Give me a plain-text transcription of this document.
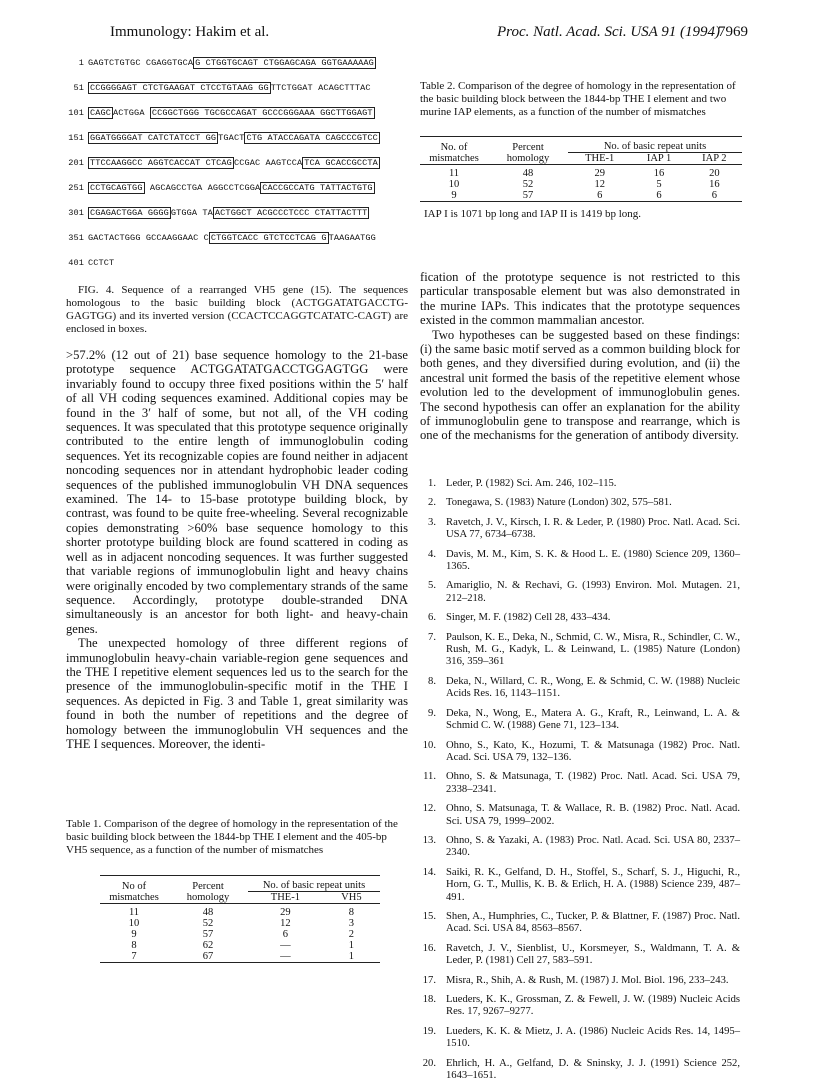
Immunology: Hakim et al.	Proc. Natl. Acad. Sci. USA 91 (1994)
7969
1 GAGTCTGTGC CGAGGTGCA G CTGGTGCAGT CTGGAGCAGA GGTGAAAAAG
51 CCGGGGAGT CTCTGAAGAT CTCCTGTAAG GG TTCTGGAT ACAGCTTTAC
101 CAGC ACTGGA CCGGCTGGG TGCGCCAGAT GCCCGGGAAA GGCTTGGAGT
151 GGATGGGGAT CATCTATCCT GG TGACT CTG ATACCAGATA CAGCCCGTCC
201 TTCCAAGGCC AGGTCACCAT CTCAG CCGAC AAGTCCA TCA GCACCGCCTA
251 CCTGCAGTGG AGCAGCCTGA AGGCCTCGGA CACCGCCATG TATTACTGTG
301 CGAGACTGGA GGGG GTGGA TA ACTGGCT ACGCCCTCCC CTATTACTTT
351 GACTACTGGG GCCAAGGAAC C CTGGTCACC GTCTCCTCAG G TAAGAATGG
401 CCTCT
FIG. 4. Sequence of a rearranged VH5 gene (15). The sequences homologous to the basic building block (ACTGGATATGACCTG-GAGTGG) and its inverted version (CCACTCCAGGTCATATC-CAGT) are enclosed in boxes.

>57.2% (12 out of 21) base sequence homology to the 21-base prototype sequence ACTGGATATGACCTGGAGTGG were invariably found to occupy three fixed positions within the 5′ half of all VH coding sequences examined. Additional copies may be found in the 3′ half of some, but not all, of the VH coding sequences. It was speculated that this prototype sequence originally contributed to the entire length of immunoglobulin coding sequences. Yet its recognizable copies are found neither in adjacent noncoding sequences nor in attendant hydrophobic leader coding sequences of the published immunoglobulin VH DNA sequences examined. The 14- to 15-base prototype building block, by contrast, was found to be quite free-wheeling. Several recognizable copies demonstrating >60% base sequence homology to this shorter prototype building block are found scattered in coding as well as in adjacent noncoding sequences. It was further suggested that variable regions of immunoglobulin light and heavy chains were originally encoded by two complementary strands of the same sequence. Accordingly, prototype double-stranded DNA simultaneously is an ancestor for both light- and heavy-chain genes.

The unexpected homology of three different regions of immunoglobulin heavy-chain variable-region gene sequences and the THE I repetitive element sequences led us to the search for the presence of the immunoglobulin-specific motif in the THE I sequences. As depicted in Fig. 3 and Table 1, great similarity was found in both the number of repetitions and the degree of homology between the immunoglobulin VH sequences and the THE I sequences. Moreover, the identi-

Table 1. Comparison of the degree of homology in the representation of the basic building block between the 1844-bp THE I element and the 405-bp VH5 sequence, as a function of the number of mismatches

No of mismatches	Percent homology	No. of basic repeat units	
		THE-1	VH5

11	48	29	8
10	52	12	3
9	57	6	2
8	62	—	1
7	67	—	1

Table 2. Comparison of the degree of homology in the representation of the basic building block between the 1844-bp THE I element and two murine IAP elements, as a function of the number of mismatches

No. of mismatches	Percent homology	No. of basic repeat units		
		THE-1	IAP 1	IAP 2

11	48	29	16	20
10	52	12	5	16
9	57	6	6	6

IAP I is 1071 bp long and IAP II is 1419 bp long.

fication of the prototype sequence is not restricted to this particular transposable element but was also demonstrated in the murine IAPs. This indicates that the prototype sequences existed in the common mammalian ancestor.

Two hypotheses can be suggested based on these findings: (i) the same basic motif served as a common building block for both genes, and they diversified during evolution, and (ii) the ancestral unit formed the basis of the repetitive element whose evolution led to the development of immunoglobulin genes. The second hypothesis can offer an explanation for the ability of immunoglobulin gene to transpose and rearrange, which is one of the mechanisms for the generation of antibody diversity.

1. Leder, P. (1982) Sci. Am. 246, 102–115.
2. Tonegawa, S. (1983) Nature (London) 302, 575–581.
3. Ravetch, J. V., Kirsch, I. R. & Leder, P. (1980) Proc. Natl. Acad. Sci. USA 77, 6734–6738.
4. Davis, M. M., Kim, S. K. & Hood L. E. (1980) Science 209, 1360–1365.
5. Amariglio, N. & Rechavi, G. (1993) Environ. Mol. Mutagen. 21, 212–218.
6. Singer, M. F. (1982) Cell 28, 433–434.
7. Paulson, K. E., Deka, N., Schmid, C. W., Misra, R., Schindler, C. W., Rush, M. G., Kadyk, L. & Leinwand, L. (1985) Nature (London) 316, 359–361
8. Deka, N., Willard, C. R., Wong, E. & Schmid, C. W. (1988) Nucleic Acids Res. 16, 1143–1151.
9. Deka, N., Wong, E., Matera A. G., Kraft, R., Leinwand, L. A. & Schmid C. W. (1988) Gene 71, 123–134.
10. Ohno, S., Kato, K., Hozumi, T. & Matsunaga (1982) Proc. Natl. Acad. Sci. USA 79, 132–136.
11. Ohno, S. & Matsunaga, T. (1982) Proc. Natl. Acad. Sci. USA 79, 2338–2341.
12. Ohno, S. Matsunaga, T. & Wallace, R. B. (1982) Proc. Natl. Acad. Sci. USA 79, 1999–2002.
13. Ohno, S. & Yazaki, A. (1983) Proc. Natl. Acad. Sci. USA 80, 2337–2340.
14. Saiki, R. K., Gelfand, D. H., Stoffel, S., Scharf, S. J., Higuchi, R., Horn, G. T., Mullis, K. B. & Erlich, H. A. (1988) Science 239, 487–491.
15. Shen, A., Humphries, C., Tucker, P. & Blattner, F. (1987) Proc. Natl. Acad. Sci. USA 84, 8563–8567.
16. Ravetch, J. V., Sienblist, U., Korsmeyer, S., Waldmann, T. A. & Leder, P. (1981) Cell 27, 583–591.
17. Misra, R., Shih, A. & Rush, M. (1987) J. Mol. Biol. 196, 233–243.
18. Lueders, K. K., Grossman, Z. & Fewell, J. W. (1989) Nucleic Acids Res. 17, 9267–9277.
19. Lueders, K. K. & Mietz, J. A. (1986) Nucleic Acids Res. 14, 1495–1510.
20. Ehrlich, H. A., Gelfand, D. & Sninsky, J. J. (1991) Science 252, 1643–1651.
